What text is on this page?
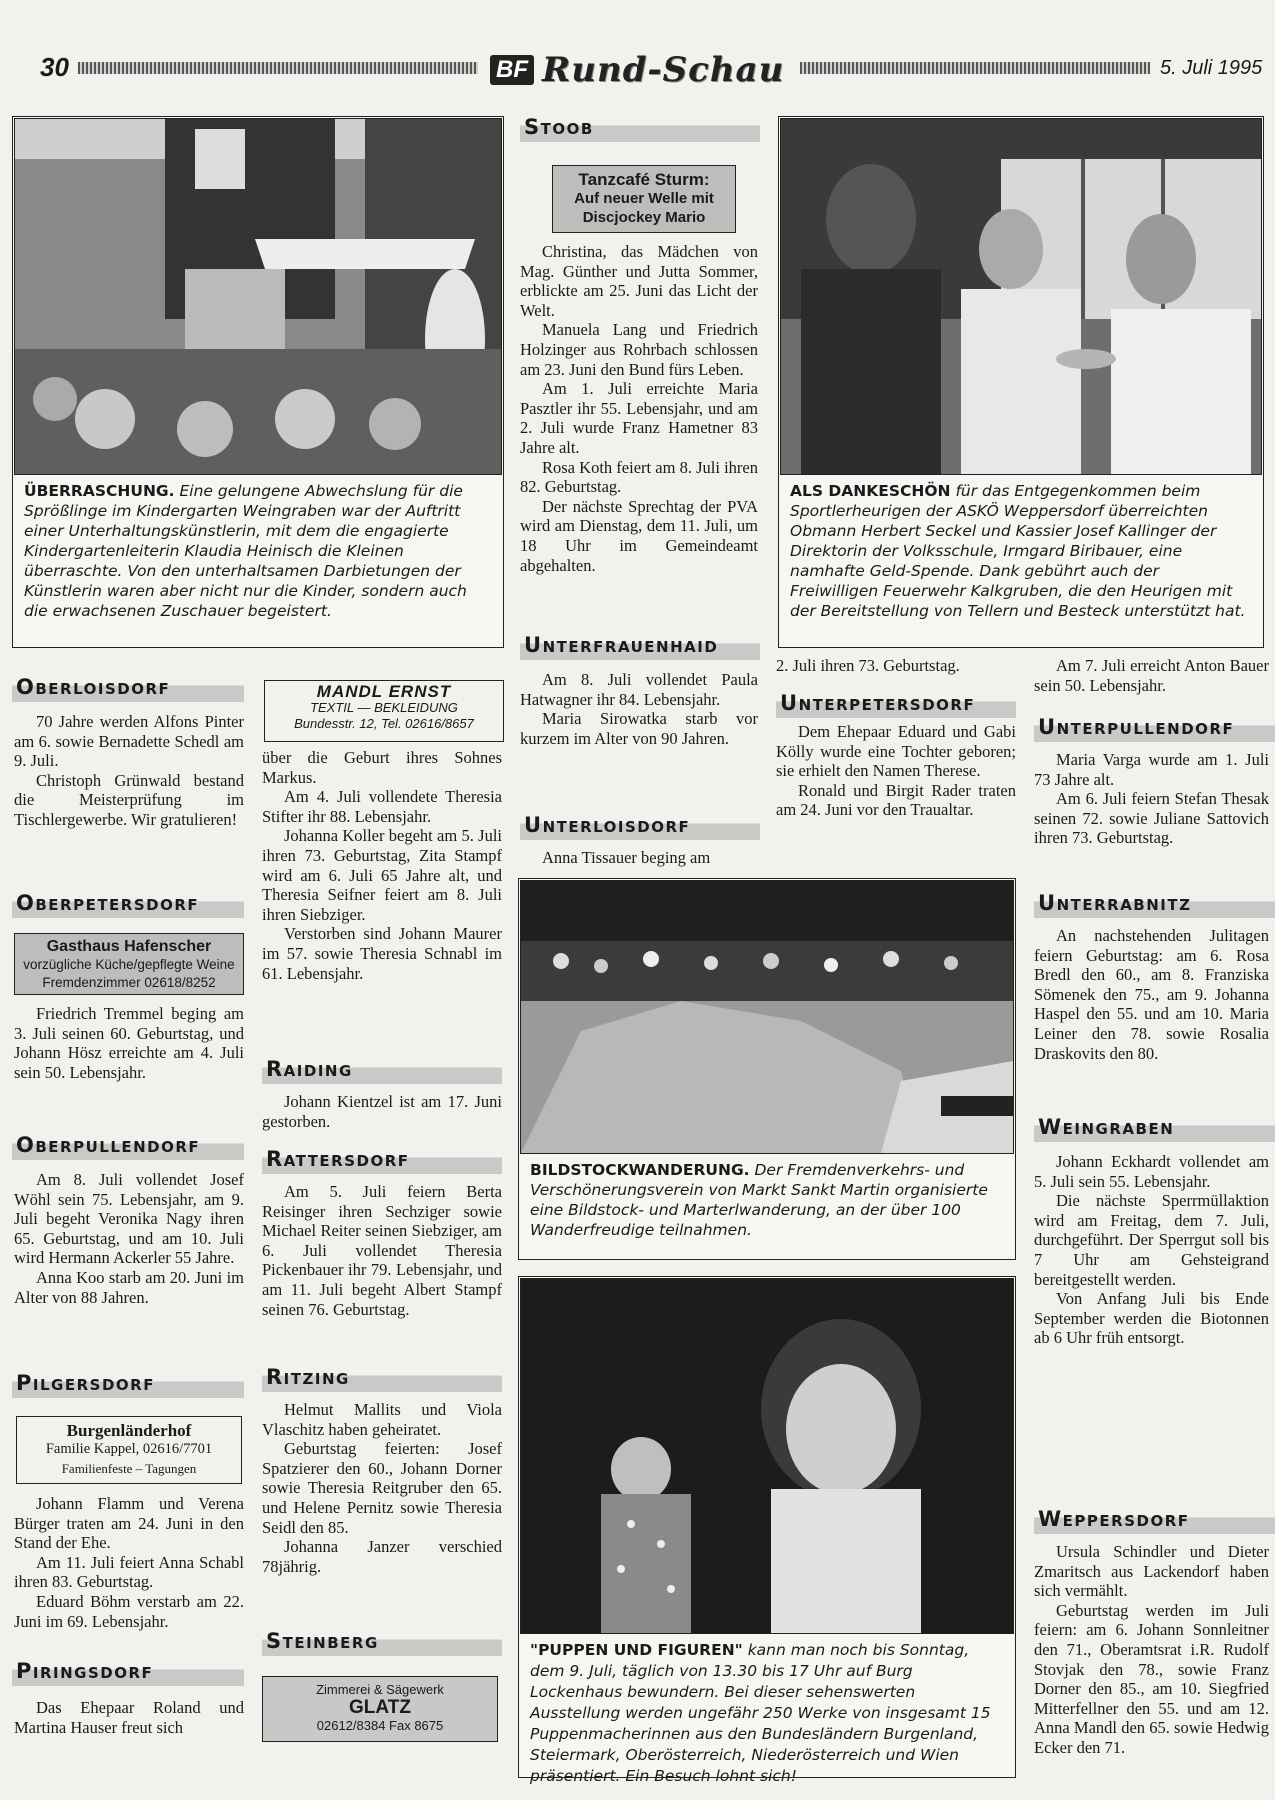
30	BF Rund-Schau	5. Juli 1995
ÜBERRASCHUNG. Eine gelungene Abwechslung für die Sprößlinge im Kindergarten Weingraben war der Auftritt einer Unterhaltungskünstlerin, mit dem die engagierte Kindergartenleiterin Klaudia Heinisch die Kleinen überraschte. Von den unterhaltsamen Darbietungen der Künstlerin waren aber nicht nur die Kinder, sondern auch die erwachsenen Zuschauer begeistert.
ALS DANKESCHÖN für das Entgegenkommen beim Sportlerheurigen der ASKÖ Weppersdorf überreichten Obmann Herbert Seckel und Kassier Josef Kallinger der Direktorin der Volksschule, Irmgard Biribauer, eine namhafte Geld-Spende. Dank gebührt auch der Freiwilligen Feuerwehr Kalkgruben, die den Heurigen mit der Bereitstellung von Tellern und Besteck unterstützt hat.
STOOB
Tanzcafé Sturm:
Auf neuer Welle mit
Discjockey Mario

Christina, das Mädchen von Mag. Günther und Jutta Sommer, erblickte am 25. Juni das Licht der Welt.

Manuela Lang und Friedrich Holzinger aus Rohrbach schlossen am 23. Juni den Bund fürs Leben.

Am 1. Juli erreichte Maria Pasztler ihr 55. Lebensjahr, und am 2. Juli wurde Franz Hametner 83 Jahre alt.

Rosa Koth feiert am 8. Juli ihren 82. Geburtstag.

Der nächste Sprechtag der PVA wird am Dienstag, dem 11. Juli, um 18 Uhr im Gemeindeamt abgehalten.

UNTERFRAUENHAID

Am 8. Juli vollendet Paula Hatwagner ihr 84. Lebensjahr.

Maria Sirowatka starb vor kurzem im Alter von 90 Jahren.

UNTERLOISDORF

Anna Tissauer beging am

2. Juli ihren 73. Geburtstag.

UNTERPETERSDORF

Dem Ehepaar Eduard und Gabi Kölly wurde eine Tochter geboren; sie erhielt den Namen Therese.

Ronald und Birgit Rader traten am 24. Juni vor den Traualtar.

BILDSTOCKWANDERUNG. Der Fremdenverkehrs- und Verschönerungsverein von Markt Sankt Martin organisierte eine Bildstock- und Marterlwanderung, an der über 100 Wanderfreudige teilnahmen.
"PUPPEN UND FIGUREN" kann man noch bis Sonntag, dem 9. Juli, täglich von 13.30 bis 17 Uhr auf Burg Lockenhaus bewundern. Bei dieser sehenswerten Ausstellung werden ungefähr 250 Werke von insgesamt 15 Puppenmacherinnen aus den Bundesländern Burgenland, Steiermark, Oberösterreich, Niederösterreich und Wien präsentiert. Ein Besuch lohnt sich!
OBERLOISDORF

70 Jahre werden Alfons Pinter am 6. sowie Bernadette Schedl am 9. Juli.

Christoph Grünwald bestand die Meisterprüfung im Tischlergewerbe. Wir gratulieren!

OBERPETERSDORF
Gasthaus Hafenscher
vorzügliche Küche/gepflegte Weine
Fremdenzimmer 02618/8252

Friedrich Tremmel beging am 3. Juli seinen 60. Geburtstag, und Johann Hösz erreichte am 4. Juli sein 50. Lebensjahr.

OBERPULLENDORF

Am 8. Juli vollendet Josef Wöhl sein 75. Lebensjahr, am 9. Juli begeht Veronika Nagy ihren 65. Geburtstag, und am 10. Juli wird Hermann Ackerler 55 Jahre.

Anna Koo starb am 20. Juni im Alter von 88 Jahren.

PILGERSDORF
Burgenländerhof
Familie Kappel, 02616/7701
Familienfeste – Tagungen

Johann Flamm und Verena Bürger traten am 24. Juni in den Stand der Ehe.

Am 11. Juli feiert Anna Schabl ihren 83. Geburtstag.

Eduard Böhm verstarb am 22. Juni im 69. Lebensjahr.

PIRINGSDORF

Das Ehepaar Roland und Martina Hauser freut sich

MANDL ERNST
TEXTIL — BEKLEIDUNG
Bundesstr. 12, Tel. 02616/8657

über die Geburt ihres Sohnes Markus.

Am 4. Juli vollendete Theresia Stifter ihr 88. Lebensjahr.

Johanna Koller begeht am 5. Juli ihren 73. Geburtstag, Zita Stampf wird am 6. Juli 65 Jahre alt, und Theresia Seifner feiert am 8. Juli ihren Siebziger.

Verstorben sind Johann Maurer im 57. sowie Theresia Schnabl im 61. Lebensjahr.

RAIDING

Johann Kientzel ist am 17. Juni gestorben.

RATTERSDORF

Am 5. Juli feiern Berta Reisinger ihren Sechziger sowie Michael Reiter seinen Siebziger, am 6. Juli vollendet Theresia Pickenbauer ihr 79. Lebensjahr, und am 11. Juli begeht Albert Stampf seinen 76. Geburtstag.

RITZING

Helmut Mallits und Viola Vlaschitz haben geheiratet.

Geburtstag feierten: Josef Spatzierer den 60., Johann Dorner sowie Theresia Reitgruber den 65. und Helene Pernitz sowie Theresia Seidl den 85.

Johanna Janzer verschied 78jährig.

STEINBERG
Zimmerei & Sägewerk
GLATZ
02612/8384 Fax 8675

Am 7. Juli erreicht Anton Bauer sein 50. Lebensjahr.

UNTERPULLENDORF

Maria Varga wurde am 1. Juli 73 Jahre alt.

Am 6. Juli feiern Stefan Thesak seinen 72. sowie Juliane Sattovich ihren 73. Geburtstag.

UNTERRABNITZ

An nachstehenden Julitagen feiern Geburtstag: am 6. Rosa Bredl den 60., am 8. Franziska Sömenek den 75., am 9. Johanna Haspel den 55. und am 10. Maria Leiner den 78. sowie Rosalia Draskovits den 80.

WEINGRABEN

Johann Eckhardt vollendet am 5. Juli sein 55. Lebensjahr.

Die nächste Sperrmüllaktion wird am Freitag, dem 7. Juli, durchgeführt. Der Sperrgut soll bis 7 Uhr am Gehsteigrand bereitgestellt werden.

Von Anfang Juli bis Ende September werden die Biotonnen ab 6 Uhr früh entsorgt.

WEPPERSDORF

Ursula Schindler und Dieter Zmaritsch aus Lackendorf haben sich vermählt.

Geburtstag werden im Juli feiern: am 6. Johann Sonnleitner den 71., Oberamtsrat i.R. Rudolf Stovjak den 78., sowie Franz Dorner den 85., am 10. Siegfried Mitterfellner den 55. und am 12. Anna Mandl den 65. sowie Hedwig Ecker den 71.
